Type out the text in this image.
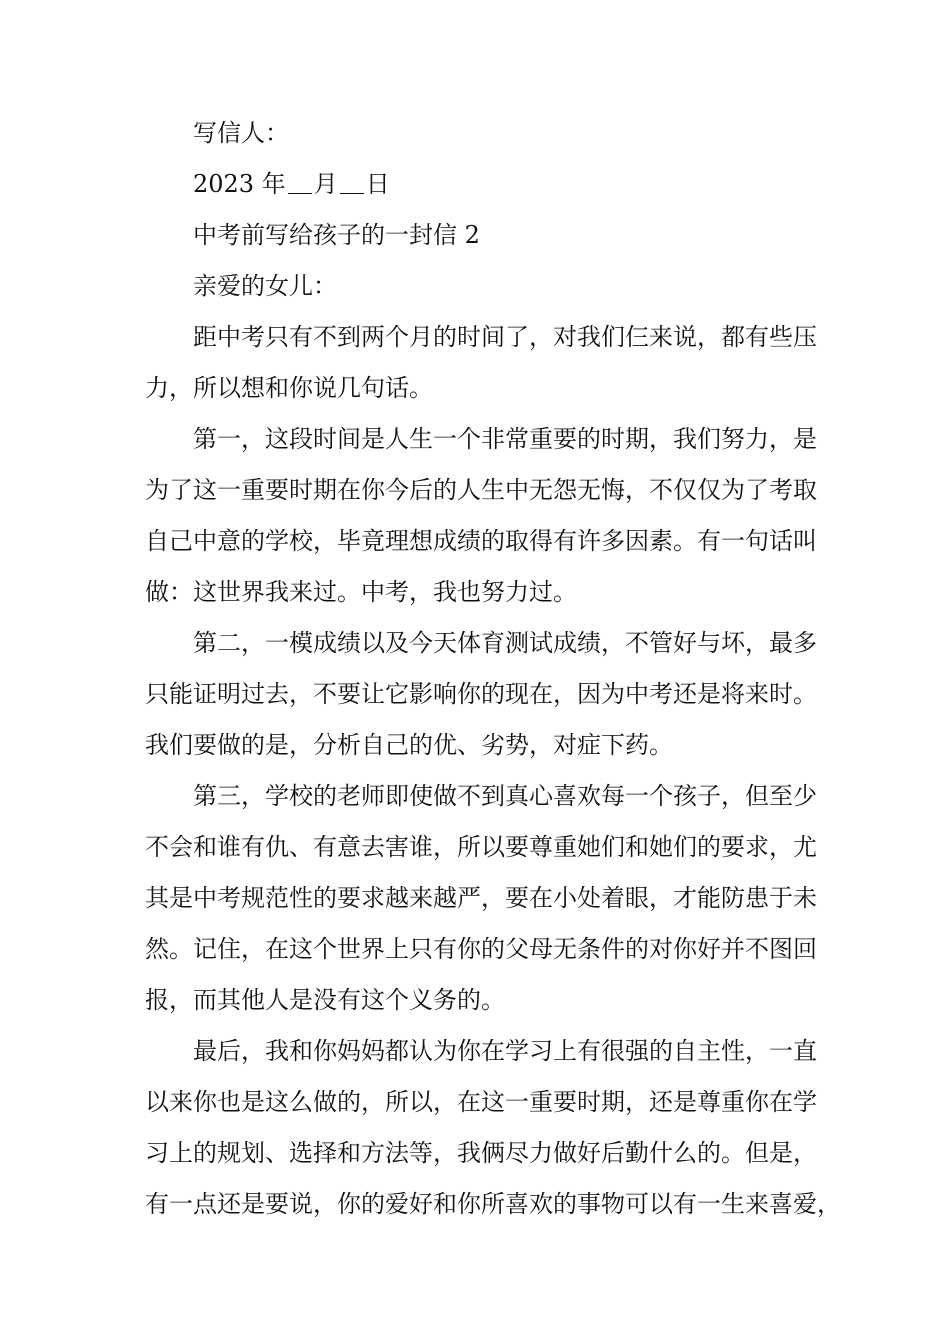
写信人：
2023 年 月 日
中考前写给孩子的一封信 2
亲爱的女儿：
距中考只有不到两个月的时间了，对我们仨来说，都有些压
力，所以想和你说几句话。
第一，这段时间是人生一个非常重要的时期，我们努力，是
为了这一重要时期在你今后的人生中无怨无悔，不仅仅为了考取
自己中意的学校，毕竟理想成绩的取得有许多因素。有一句话叫
做：这世界我来过。中考，我也努力过。
第二，一模成绩以及今天体育测试成绩，不管好与坏，最多
只能证明过去，不要让它影响你的现在，因为中考还是将来时。
我们要做的是，分析自己的优、劣势，对症下药。
第三，学校的老师即使做不到真心喜欢每一个孩子，但至少
不会和谁有仇、有意去害谁，所以要尊重她们和她们的要求，尤
其是中考规范性的要求越来越严，要在小处着眼，才能防患于未
然。记住，在这个世界上只有你的父母无条件的对你好并不图回
报，而其他人是没有这个义务的。
最后，我和你妈妈都认为你在学习上有很强的自主性，一直
以来你也是这么做的，所以，在这一重要时期，还是尊重你在学
习上的规划、选择和方法等，我俩尽力做好后勤什么的。但是，
有一点还是要说，你的爱好和你所喜欢的事物可以有一生来喜爱，
